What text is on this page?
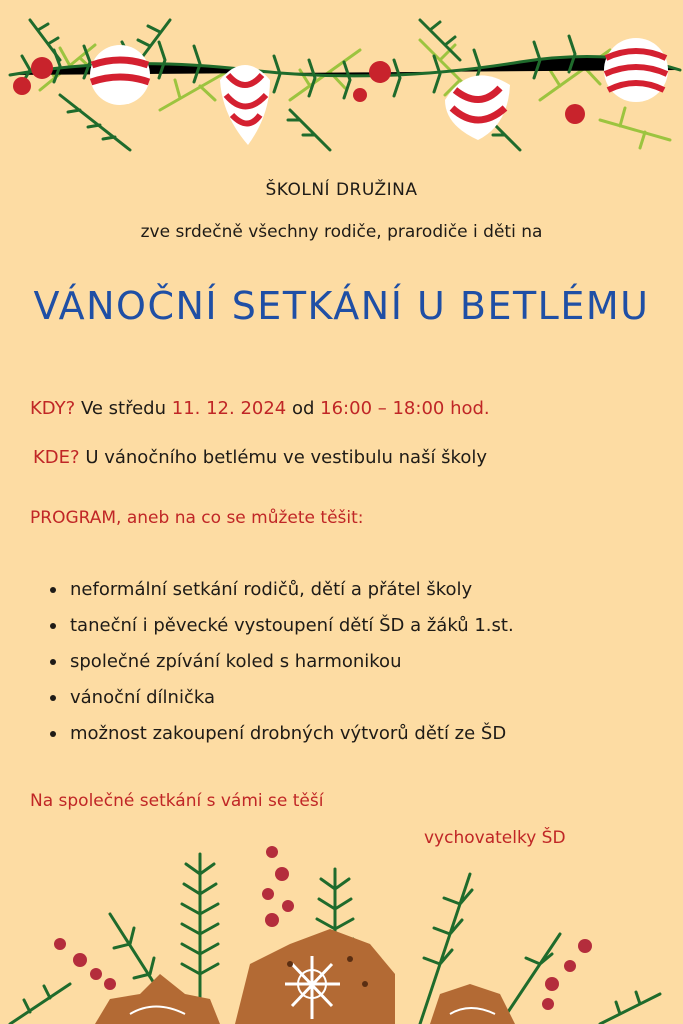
ŠKOLNÍ DRUŽINA
zve srdečně všechny rodiče, prarodiče i děti na
VÁNOČNÍ SETKÁNÍ U BETLÉMU
KDY? Ve středu 11. 12. 2024 od 16:00 – 18:00 hod.
KDE? U vánočního betlému ve vestibulu naší školy
PROGRAM, aneb na co se můžete těšit:
neformální setkání rodičů, dětí a přátel školy
taneční i pěvecké vystoupení dětí ŠD a žáků 1.st.
společné zpívání koled s harmonikou
vánoční dílnička
možnost zakoupení drobných výtvorů dětí ze ŠD
Na společné setkání s vámi se těší
vychovatelky ŠD
